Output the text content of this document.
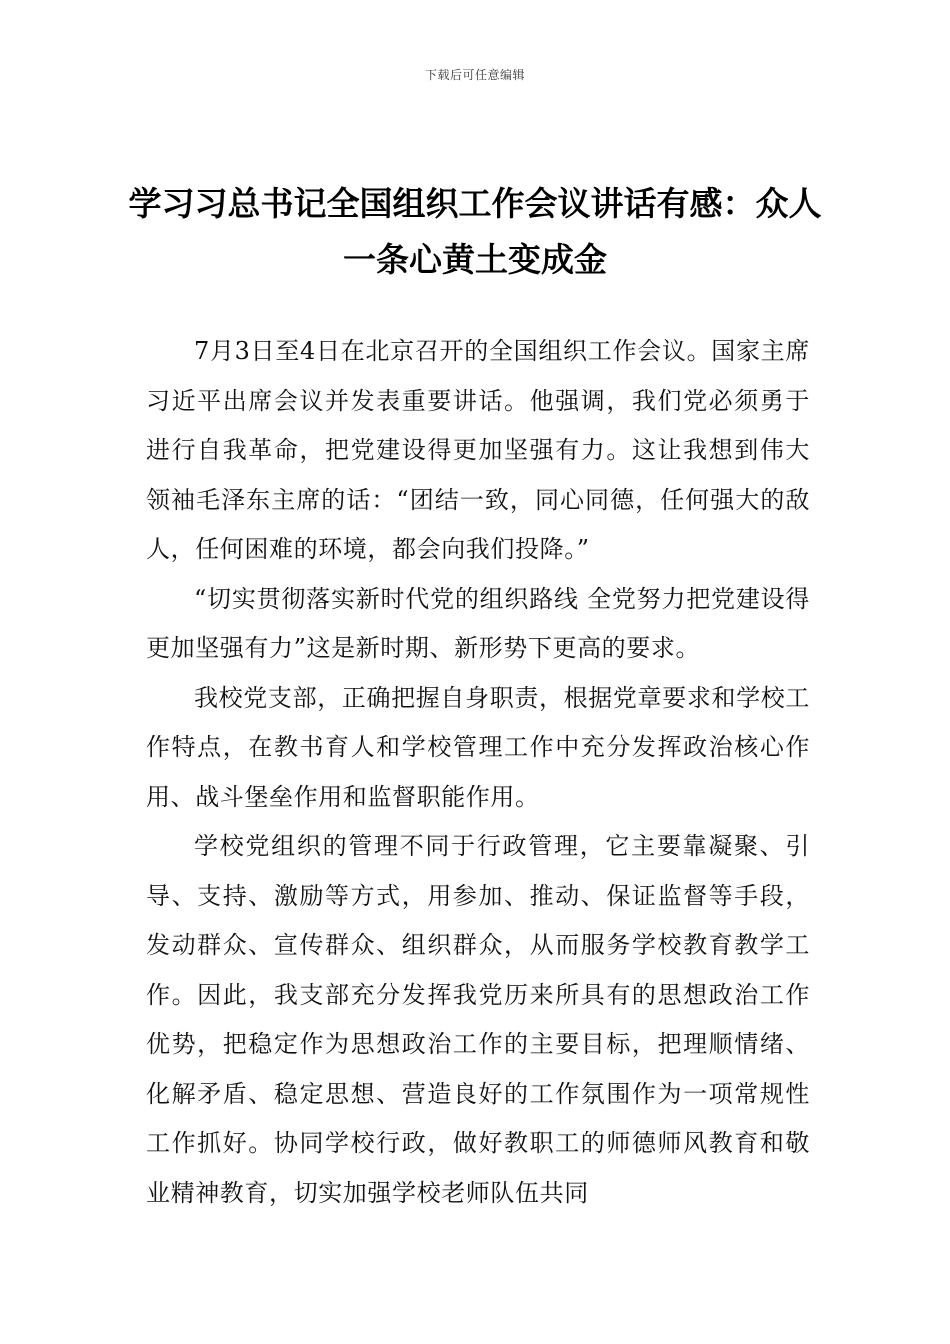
下载后可任意编辑
学习习总书记全国组织工作会议讲话有感：众人一条心黄土变成金

7月3日至4日在北京召开的全国组织工作会议。国家主席习近平出席会议并发表重要讲话。他强调，我们党必须勇于进行自我革命，把党建设得更加坚强有力。这让我想到伟大领袖毛泽东主席的话：“团结一致，同心同德，任何强大的敌人，任何困难的环境，都会向我们投降。”

“切实贯彻落实新时代党的组织路线 全党努力把党建设得更加坚强有力”这是新时期、新形势下更高的要求。

我校党支部，正确把握自身职责，根据党章要求和学校工作特点，在教书育人和学校管理工作中充分发挥政治核心作用、战斗堡垒作用和监督职能作用。

学校党组织的管理不同于行政管理，它主要靠凝聚、引导、支持、激励等方式，用参加、推动、保证监督等手段，发动群众、宣传群众、组织群众，从而服务学校教育教学工作。因此，我支部充分发挥我党历来所具有的思想政治工作优势，把稳定作为思想政治工作的主要目标，把理顺情绪、化解矛盾、稳定思想、营造良好的工作氛围作为一项常规性工作抓好。协同学校行政，做好教职工的师德师风教育和敬业精神教育，切实加强学校老师队伍共同
